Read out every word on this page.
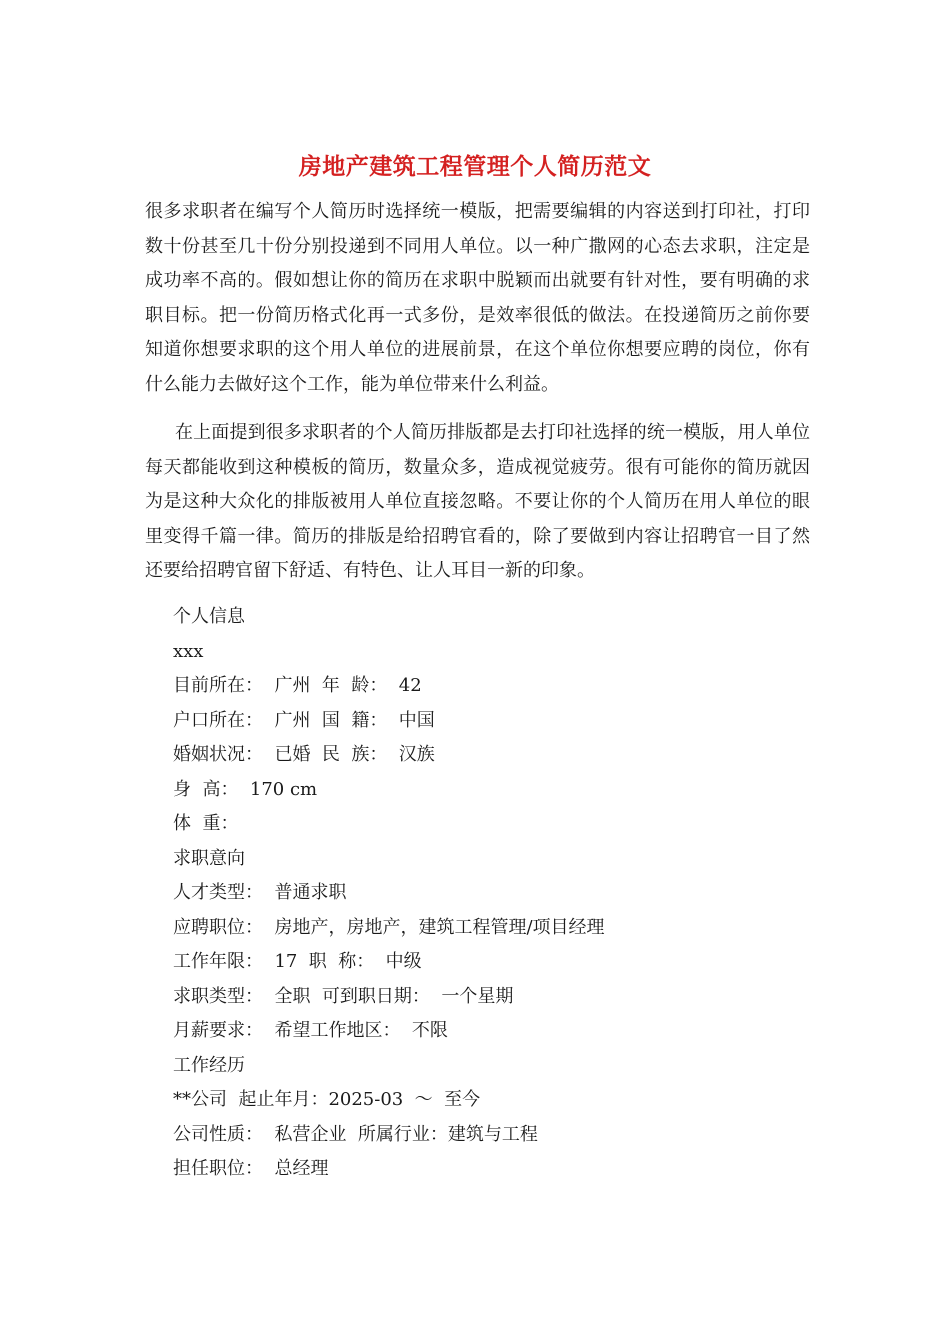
房地产建筑工程管理个人简历范文
很多求职者在编写个人简历时选择统一模版，把需要编辑的内容送到打印社，打印数十份甚至几十份分别投递到不同用人单位。以一种广撒网的心态去求职，注定是成功率不高的。假如想让你的简历在求职中脱颖而出就要有针对性，要有明确的求职目标。把一份简历格式化再一式多份，是效率很低的做法。在投递简历之前你要知道你想要求职的这个用人单位的进展前景，在这个单位你想要应聘的岗位，你有什么能力去做好这个工作，能为单位带来什么利益。
在上面提到很多求职者的个人简历排版都是去打印社选择的统一模版，用人单位每天都能收到这种模板的简历，数量众多，造成视觉疲劳。很有可能你的简历就因为是这种大众化的排版被用人单位直接忽略。不要让你的个人简历在用人单位的眼里变得千篇一律。简历的排版是给招聘官看的，除了要做到内容让招聘官一目了然还要给招聘官留下舒适、有特色、让人耳目一新的印象。
个人信息
xxx
目前所在：  广州  年  龄：  42
户口所在：  广州  国  籍：  中国
婚姻状况：  已婚  民  族：  汉族
身  高：  170 cm
体  重：
求职意向
人才类型：  普通求职
应聘职位：  房地产，房地产，建筑工程管理/项目经理
工作年限：  17  职  称：  中级
求职类型：  全职  可到职日期：  一个星期
月薪要求：  希望工作地区：  不限
工作经历
**公司  起止年月：2025-03  ～  至今
公司性质：  私营企业  所属行业：建筑与工程
担任职位：  总经理
